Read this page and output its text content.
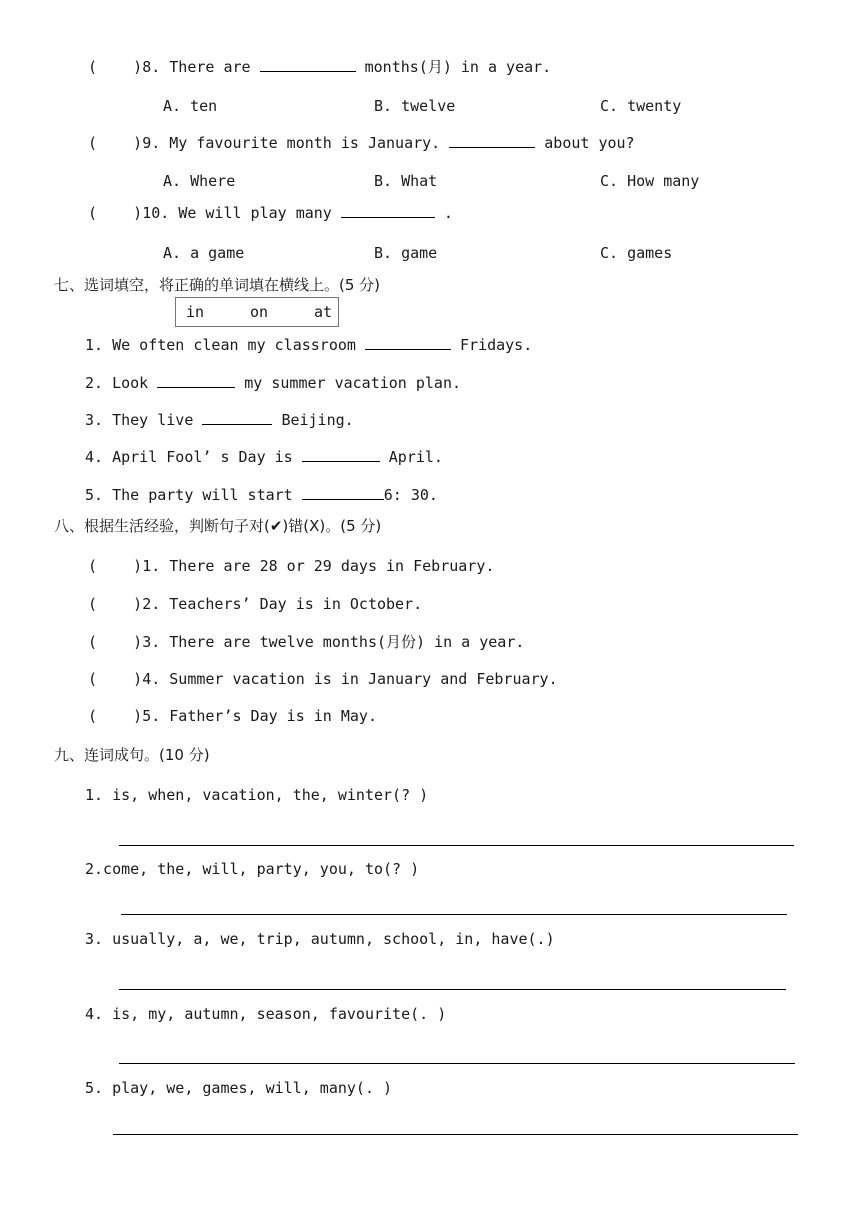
(    )8. There are	months(月) in a year.
A. ten	B. twelve	C. twenty
(    )9. My favourite month is January.	about you?
A. Where	B. What	C. How many
(    )10. We will play many	.
A. a game	B. game	C. games
七、选词填空，将正确的单词填在横线上。(5 分)
in	on	at
1. We often clean my classroom	Fridays.
2. Look	my summer vacation plan.
3. They live	Beijing.
4. April Fool’ s Day is	April.
5. The party will start	6: 30.
八、根据生活经验，判断句子对(✔)错(X)。(5 分)
(    )1. There are 28 or 29 days in February.
(    )2. Teachers’ Day is in October.
(    )3. There are twelve months(月份) in a year.
(    )4. Summer vacation is in January and February.
(    )5. Father’s Day is in May.
九、连词成句。(10 分)
1. is, when, vacation, the, winter(? )
2.come, the, will, party, you, to(? )
3. usually, a, we, trip, autumn, school, in, have(.)
4. is, my, autumn, season, favourite(. )
5. play, we, games, will, many(. )
